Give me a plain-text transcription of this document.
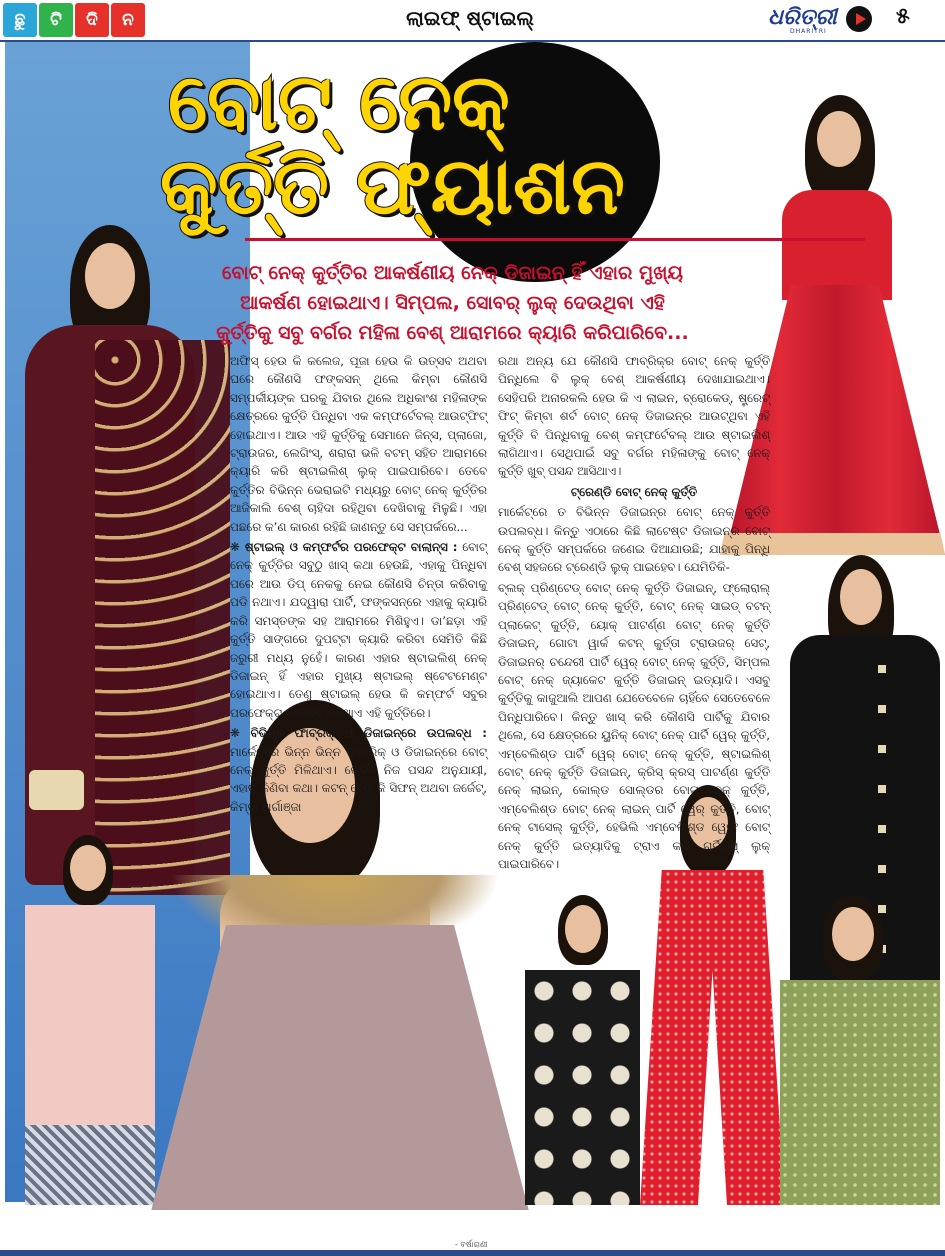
ଛୁ	ଟି	ଦି	ନ	ଲାଇଫ୍‌ ଷ୍ଟାଇଲ୍	ଧରିତ୍ରୀ
DHARITRI
୫
ବୋଟ୍‌ ନେକ୍‌
କୁର୍ତ୍ତି ଫ୍ୟାଶନ
ବୋଟ୍‌ ନେକ୍‌ କୁର୍ତ୍ତିର ଆକର୍ଷଣୀୟ ନେକ୍‌ ଡିଜାଇନ୍‌ ହିଁ ଏହାର ମୁଖ୍ୟ ଆକର୍ଷଣ ହୋଇଥାଏ। ସିମ୍ପଲ, ସୋବର୍‌ ଲୁକ୍‌ ଦେଉଥିବା ଏହି କୁର୍ତ୍ତିକୁ ସବୁ ବର୍ଗର ମହିଳା ବେଶ୍‌ ଆରାମରେ କ୍ୟାରି କରିପାରିବେ...

ଅଫିସ୍‌ ହେଉ କି କଲେଜ, ପୂଜା ହେଉ କି ଉତ୍ସବ ଅଥବା ଘରେ କୌଣସି ଫଙ୍କସନ୍‌ ଥିଲେ କିମ୍ବା କୌଣସି ସମ୍ପର୍କୀୟଙ୍କ ଘରକୁ ଯିବାର ଥିଲେ ଅଧିକାଂଶ ମହିଳାଙ୍କ କ୍ଷେତ୍ରରେ କୁର୍ତ୍ତି ପିନ୍ଧିବା ଏକ କମ୍ଫର୍ଟେବଲ୍‌ ଆଉଟ୍‌ଫିଟ୍‌ ହୋଇଥାଏ। ଆଉ ଏହି କୁର୍ତ୍ତିକୁ ସେମାନେ ଜିନ୍ସ, ପ୍ଲାଜୋ, ଟ୍ରାଉଜର, ଲେଗିଂସ୍‌, ଶରାରା ଭଳି ବଟମ୍‌ ସହିତ ଆରାମରେ କ୍ୟାରି କରି ଷ୍ଟାଇଲିଶ୍‌ ଲୁକ୍‌ ପାଇପାରିବେ। ତେବେ କୁର୍ତ୍ତିର ବିଭିନ୍ନ ଭେରାଇଟି ମଧ୍ୟରୁ ବୋଟ୍‌ ନେକ୍‌ କୁର୍ତ୍ତିର ଆଜିକାଲି ବେଶ୍‌ ଚାହିଦା ରହିଥିବା ଦେଖିବାକୁ ମିଳୁଛି। ଏହା ପଛରେ କ’ଣ କାରଣ ରହିଛି ଜାଣନ୍ତୁ ସେ ସମ୍ପର୍କରେ...

❋ ଷ୍ଟାଇଲ୍‌ ଓ କମ୍ଫର୍ଟର ପରଫେକ୍ଟ ବାଲାନ୍ସ : ବୋଟ୍‌ ନେକ୍‌ କୁର୍ତ୍ତିର ସବୁଠୁ ଖାସ୍‌ କଥା ହେଉଛି, ଏହାକୁ ପିନ୍ଧିବା ପରେ ଆଉ ଡିପ୍‌ ନେକକୁ ନେଇ କୌଣସି ଚିନ୍ତା କରିବାକୁ ପଡି ନଥାଏ। ଯଦ୍ୱାରା ପାର୍ଟି, ଫଙ୍କସନ୍‌ରେ ଏହାକୁ କ୍ୟାରି କରି ସମସ୍ତଙ୍କ ସହ ଆରାମରେ ମିଶିହୁଏ। ଡା’ଛଡ଼ା ଏହି କୁର୍ତ୍ତି ସାଙ୍ଗରେ ଦୁପଟ୍ଟା କ୍ୟାରି କରିବା ସେମିତି କିଛି ଜରୁରୀ ମଧ୍ୟ ନୁହେଁ। କାରଣ ଏହାର ଷ୍ଟାଇଲିଶ୍‌ ନେକ୍‌ ଡିଜାଇନ୍‌ ହିଁ ଏହାର ମୁଖ୍ୟ ଷ୍ଟାଇଲ୍‌ ଷ୍ଟେଟମେଣ୍ଟ ହୋଇଥାଏ। ତେଣୁ ଷ୍ଟାଇଲ୍‌ ହେଉ କି କମ୍ଫର୍ଟ ସବୁର ପରଫେକ୍ଟ ବାଲାନ୍ସ ରହିଥାଏ ଏହି କୁର୍ତ୍ତିରେ।

❋ ବିଭିନ୍ନ ଫାବ୍ରିକ୍‌ ଓ ଡିଜାଇନ୍‌ରେ ଉପଲବ୍ଧ : ମାର୍କେଟ୍‌ରେ ଭିନ୍ନ ଭିନ୍ନ ଫାବ୍ରିକ୍‌ ଓ ଡିଜାଇନ୍‌ରେ ବୋଟ୍‌ ନେକ୍‌ କୁର୍ତ୍ତି ମିଳିଥାଏ। କେବଳ ନିଜ ପସନ୍ଦ ଅନୁଯାୟୀ, ଏହାକୁ କିଣିବା କଥା। କଟନ୍‌ ହେଉ କି ସିଫନ୍‌ ଅଥବା ଜର୍ଜେଟ୍‌, କିମ୍ବା ଅର୍ଗାଞ୍ଜା

ରଥା ଅନ୍ୟ ଯେ କୌଣସି ଫାବ୍ରିକ୍‌ର ବୋଟ୍‌ ନେକ୍‌ କୁର୍ତ୍ତି ପିନ୍ଧିଲେ ବି ଲୁକ୍‌ ବେଶ୍‌ ଆକର୍ଷଣୀୟ ଦେଖାଯାଇଥାଏ। ସେହିପରି ଅନାରକଲି ହେଉ କି ଏ ଲାଇନ, ବ୍ରୋକେଡ୍‌, ଷ୍ଟ୍ରେଟ୍‌ ଫିଟ୍‌ କିମ୍ବା ଶର୍ଟ ବୋଟ୍‌ ନେକ୍‌ ଡିଜାଇନ୍‌ର ଆଉଟ୍‌ଥିବା ଏହି କୁର୍ତ୍ତି ବି ପିନ୍ଧିବାକୁ ବେଶ୍‌ କମ୍ଫର୍ଟେବଲ୍‌ ଆଉ ଷ୍ଟାଇଲିଶ୍‌ ଲାଗିଥାଏ। ସେଥିପାଇଁ ସବୁ ବର୍ଗର ମହିଳାଙ୍କୁ ବୋଟ୍‌ ନେକ୍‌ କୁର୍ତ୍ତି ଖୁବ୍‌ ପସନ୍ଦ ଆସିଥାଏ।

ଟ୍ରେଣ୍ଡି ବୋଟ୍‌ ନେକ୍‌ କୁର୍ତ୍ତି

ମାର୍କେଟ୍‌ରେ ତ ବିଭିନ୍ନ ଡିଜାଇନ୍‌ର ବୋଟ୍‌ ନେକ୍‌ କୁର୍ତ୍ତି ଉପଲବ୍ଧ। କିନ୍ତୁ ଏଠାରେ କିଛି ଲାଟେଷ୍ଟ ଡିଜାଇନ୍‌ର ବୋଟ୍‌ ନେକ୍‌ କୁର୍ତ୍ତି ସମ୍ପର୍କରେ ଜଣେଇ ଦିଆଯାଉଛି; ଯାହାକୁ ପିନ୍ଧି ବେଶ୍‌ ସହଜରେ ଟ୍ରେଣ୍ଡି ଲୁକ୍‌ ପାଇହେବ। ଯେମିତିକି-

ବ୍ଲକ୍‌ ପ୍ରିଣ୍ଟେଡ୍‌ ବୋଟ୍‌ ନେକ୍‌ କୁର୍ତ୍ତି ଡିଜାଇନ୍‌, ଫ୍ଲୋରାଲ୍‌ ପ୍ରିଣ୍ଟେଡ୍‌ ବୋଟ୍‌ ନେକ୍‌ କୁର୍ତ୍ତି, ବୋଟ୍‌ ନେକ୍‌ ସାଇଡ୍‌ ବଟନ୍‌ ପ୍ଲାକେଟ୍‌ କୁର୍ତ୍ତି, ୟୋକ୍‌ ପାଟର୍ଣ୍ଣ ବୋଟ୍‌ ନେକ୍‌ କୁର୍ତ୍ତି ଡିଜାଇନ୍‌, ଗୋଟା ୱାର୍କ କଟନ୍‌ କୁର୍ତ୍ତା ଟ୍ରାଉଜର୍‌ ସେଟ୍‌, ଡିଜାଇନର୍‌ ଚନ୍ଦେରୀ ପାର୍ଟି ୱେର୍‌ ବୋଟ୍‌ ନେକ୍‌ କୁର୍ତ୍ତି, ସିମ୍ପଲ ବୋଟ୍‌ ନେକ୍‌ ଜ୍ୟାକେଟ କୁର୍ତ୍ତି ଡିଜାଇନ୍‌ ଇତ୍ୟାଦି। ଏସବୁ କୁର୍ତ୍ତିକୁ କାଜୁଆଲି ଆପଣ ଯେତେବେଳେ ଚାହିଁବେ ସେତେବେଳେ ପିନ୍ଧିପାରିବେ। କିନ୍ତୁ ଖାସ୍‌ କରି କୌଣସି ପାର୍ଟିକୁ ଯିବାର ଥିଲେ, ସେ କ୍ଷେତ୍ରରେ ୟୁନିକ୍‌ ବୋଟ୍‌ ନେକ୍‌ ପାର୍ଟି ୱେର୍‌ କୁର୍ତ୍ତି, ଏମ୍ବେଲିଶ୍‌ଡ ପାର୍ଟି ୱେର୍‌ ବୋଟ୍‌ ନେକ୍‌ କୁର୍ତ୍ତି, ଷ୍ଟାଇଲିଶ୍‌ ବୋଟ୍‌ ନେକ୍‌ କୁର୍ତ୍ତି ଡିଜାଇନ୍‌, କ୍ରିସ୍‌ କ୍ରସ୍‌ ପାଟର୍ଣ୍ଣ କୁର୍ତ୍ତି ନେକ୍‌ ଲାଇନ୍‌, କୋଲ୍ଡ ସୋଲ୍ଡର ବୋଟ୍‌ ନେକ୍‌ କୁର୍ତ୍ତି, ଏମ୍ବେଲିଶ୍‌ଡ ବୋଟ୍‌ ନେକ୍‌ ଲାଇନ୍‌ ପାର୍ଟି ୱେର୍‌ କୁର୍ତ୍ତି, ବୋଟ୍‌ ନେକ୍‌ ଟାସେଲ୍‌ କୁର୍ତ୍ତି, ହେଭିଲି ଏମ୍ବେଲିଶ୍‌ଡ ୱେଡିଂ ବୋଟ୍‌ ନେକ୍‌ କୁର୍ତ୍ତି ଇତ୍ୟାଦିକୁ ଟ୍ରାଏ କରି ଗର୍ଜିୟସ୍‌ ଲୁକ୍‌ ପାଇପାରିବେ।

- ବର୍ଷାରାଣୀ
